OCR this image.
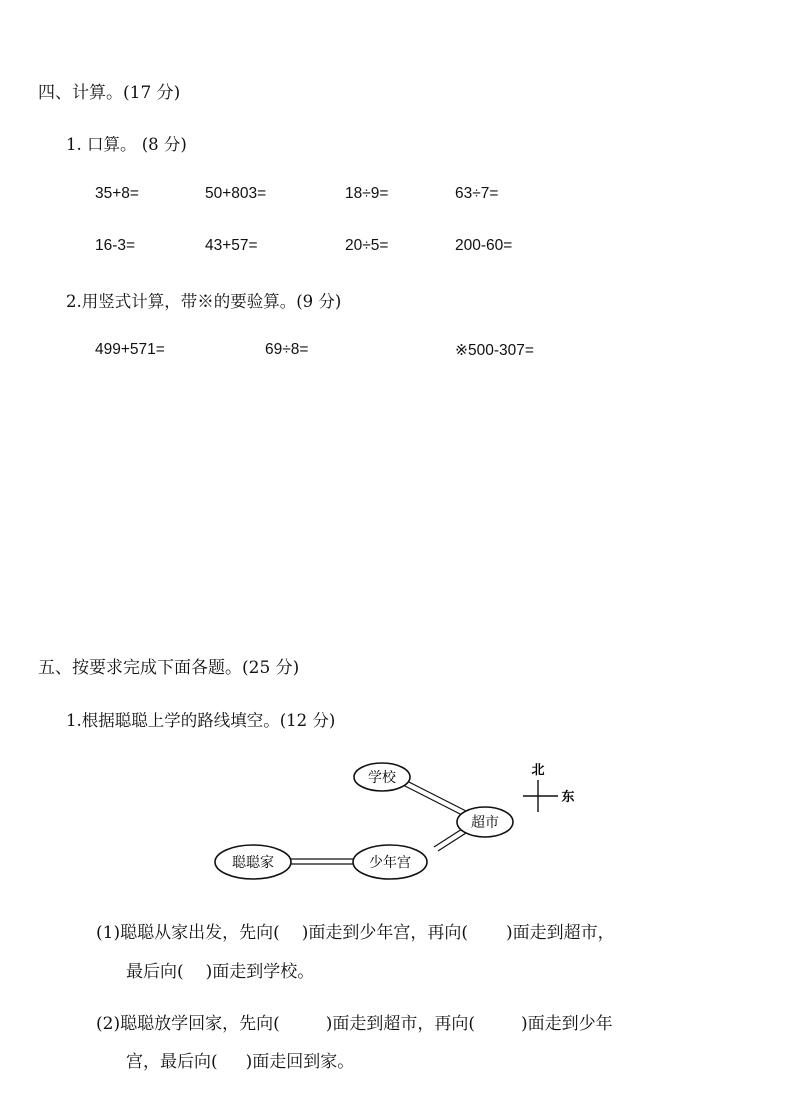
四、计算。(17 分)
1. 口算。 (8 分)
35+8=	50+803=	18÷9=	63÷7=
16-3=	43+57=	20÷5=	200-60=
2.用竖式计算，带※的要验算。(9 分)
499+571=	69÷8=	※500-307=
五、按要求完成下面各题。(25 分)
1.根据聪聪上学的路线填空。(12 分)
学校
超市
少年宫
聪聪家
北
东
(1)聪聪从家出发，先向( )面走到少年宫，再向( )面走到超市，
最后向( )面走到学校。
(2)聪聪放学回家，先向(	)面走到超市，再向(	)面走到少年
宫，最后向( )面走回到家。
